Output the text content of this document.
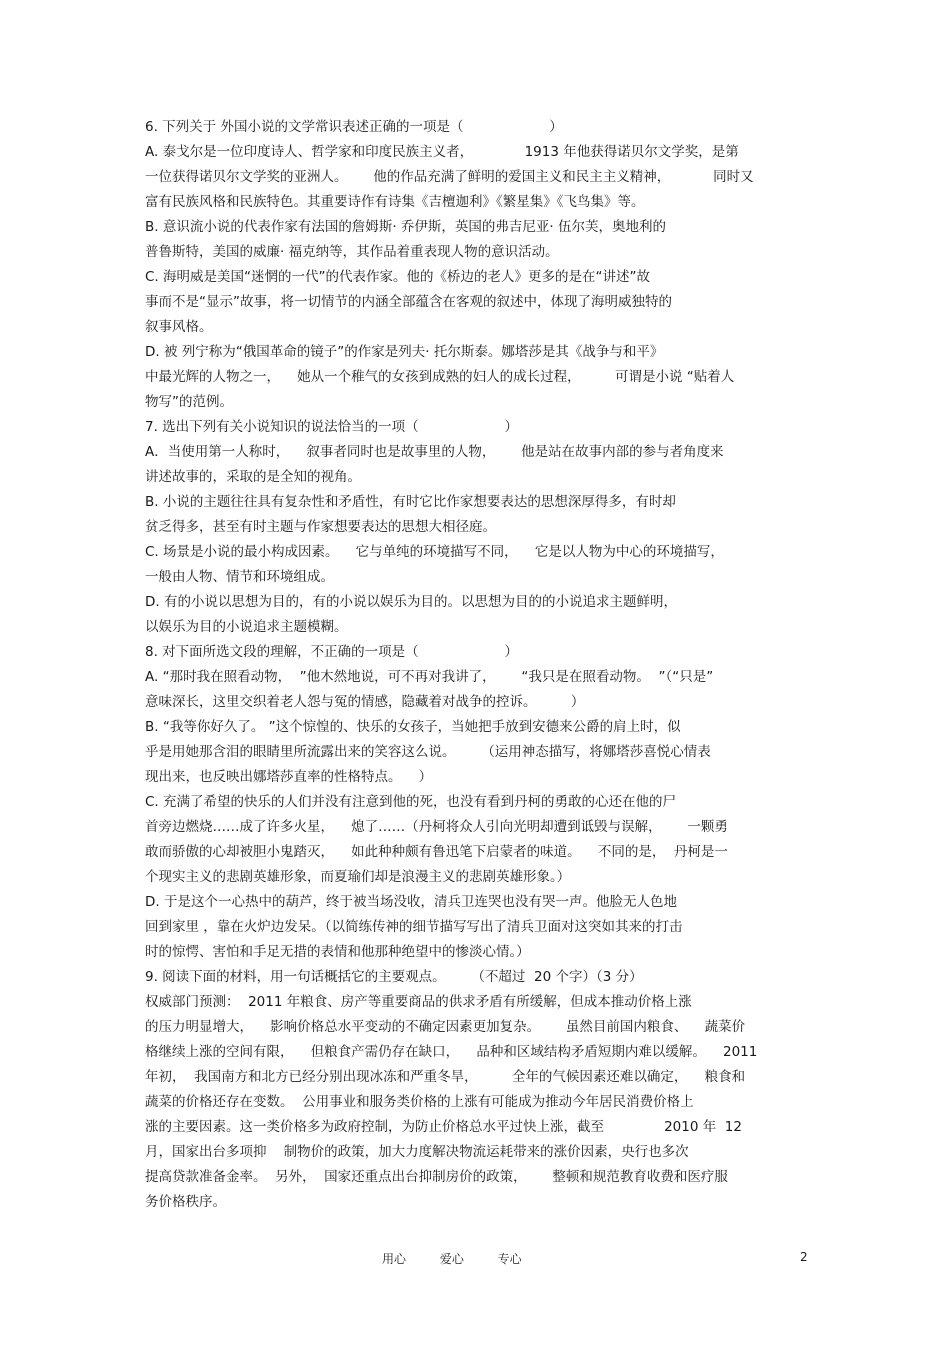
6. 下列关于 外国小说的文学常识表述正确的一项是（                    ）
A. 泰戈尔是一位印度诗人、哲学家和印度民族主义者，            1913 年他获得诺贝尔文学奖，是第
一位获得诺贝尔文学奖的亚洲人。      他的作品充满了鲜明的爱国主义和民主主义精神，          同时又
富有民族风格和民族特色。其重要诗作有诗集《吉檀迦利》《繁星集》《飞鸟集》等。
B. 意识流小说的代表作家有法国的詹姆斯· 乔伊斯，英国的弗吉尼亚· 伍尔芙，奥地利的
普鲁斯特，美国的威廉· 福克纳等，其作品着重表现人物的意识活动。
C. 海明威是美国“迷惘的一代”的代表作家。他的《桥边的老人》更多的是在“讲述”故
事而不是“显示”故事，将一切情节的内涵全部蕴含在客观的叙述中，体现了海明威独特的
叙事风格。
D. 被 列宁称为“俄国革命的镜子”的作家是列夫· 托尔斯泰。娜塔莎是其《战争与和平》
中最光辉的人物之一，    她从一个稚气的女孩到成熟的妇人的成长过程，        可谓是小说 “贴着人
物写”的范例。
7. 选出下列有关小说知识的说法恰当的一项（                    ）
A．当使用第一人称时，    叙事者同时也是故事里的人物，      他是站在故事内部的参与者角度来
讲述故事的，采取的是全知的视角。
B. 小说的主题往往具有复杂性和矛盾性，有时它比作家想要表达的思想深厚得多，有时却
贫乏得多，甚至有时主题与作家想要表达的思想大相径庭。
C. 场景是小说的最小构成因素。    它与单纯的环境描写不同，    它是以人物为中心的环境描写，
一般由人物、情节和环境组成。
D. 有的小说以思想为目的，有的小说以娱乐为目的。以思想为目的的小说追求主题鲜明，
以娱乐为目的小说追求主题模糊。
8. 对下面所选文段的理解，不正确的一项是（                    ）
A. “那时我在照看动物，  ”他木然地说，可不再对我讲了，      “我只是在照看动物。  ”（“只是”
意味深长，这里交织着老人怨与冤的情感，隐藏着对战争的控诉。        ）
B. “我等你好久了。 ”这个惊惶的、快乐的女孩子，当她把手放到安德来公爵的肩上时，似
乎是用她那含泪的眼睛里所流露出来的笑容这么说。      （运用神态描写，将娜塔莎喜悦心情表
现出来，也反映出娜塔莎直率的性格特点。    ）
C. 充满了希望的快乐的人们并没有注意到他的死，也没有看到丹柯的勇敢的心还在他的尸
首旁边燃烧……成了许多火星，    熄了……（丹柯将众人引向光明却遭到诋毁与误解，      一颗勇
敢而骄傲的心却被胆小鬼踏灭，    如此种种颇有鲁迅笔下启蒙者的味道。    不同的是，  丹柯是一
个现实主义的悲剧英雄形象，而夏瑜们却是浪漫主义的悲剧英雄形象。）
D. 于是这个一心热中的葫芦，终于被当场没收，清兵卫连哭也没有哭一声。他脸无人色地
回到家里 ，靠在火炉边发呆。（以简练传神的细节描写写出了清兵卫面对这突如其来的打击
时的惊愕、害怕和手足无措的表情和他那种绝望中的惨淡心情。）
9. 阅读下面的材料，用一句话概括它的主要观点。      （不超过  20 个字）（3 分）
权威部门预测：  2011 年粮食、房产等重要商品的供求矛盾有所缓解，但成本推动价格上涨
的压力明显增大，    影响价格总水平变动的不确定因素更加复杂。      虽然目前国内粮食、    蔬菜价
格继续上涨的空间有限，    但粮食产需仍存在缺口，    品种和区域结构矛盾短期内难以缓解。    2011
年初，  我国南方和北方已经分别出现冰冻和严重冬旱，        全年的气候因素还难以确定，    粮食和
蔬菜的价格还存在变数。  公用事业和服务类价格的上涨有可能成为推动今年居民消费价格上
涨的主要因素。这一类价格多为政府控制，为防止价格总水平过快上涨，截至              2010 年  12
月，国家出台多项抑    制物价的政策，加大力度解决物流运耗带来的涨价因素，央行也多次
提高贷款准备金率。  另外，  国家还重点出台抑制房价的政策，      整顿和规范教育收费和医疗服
务价格秩序。
用心 爱心 专心	2
